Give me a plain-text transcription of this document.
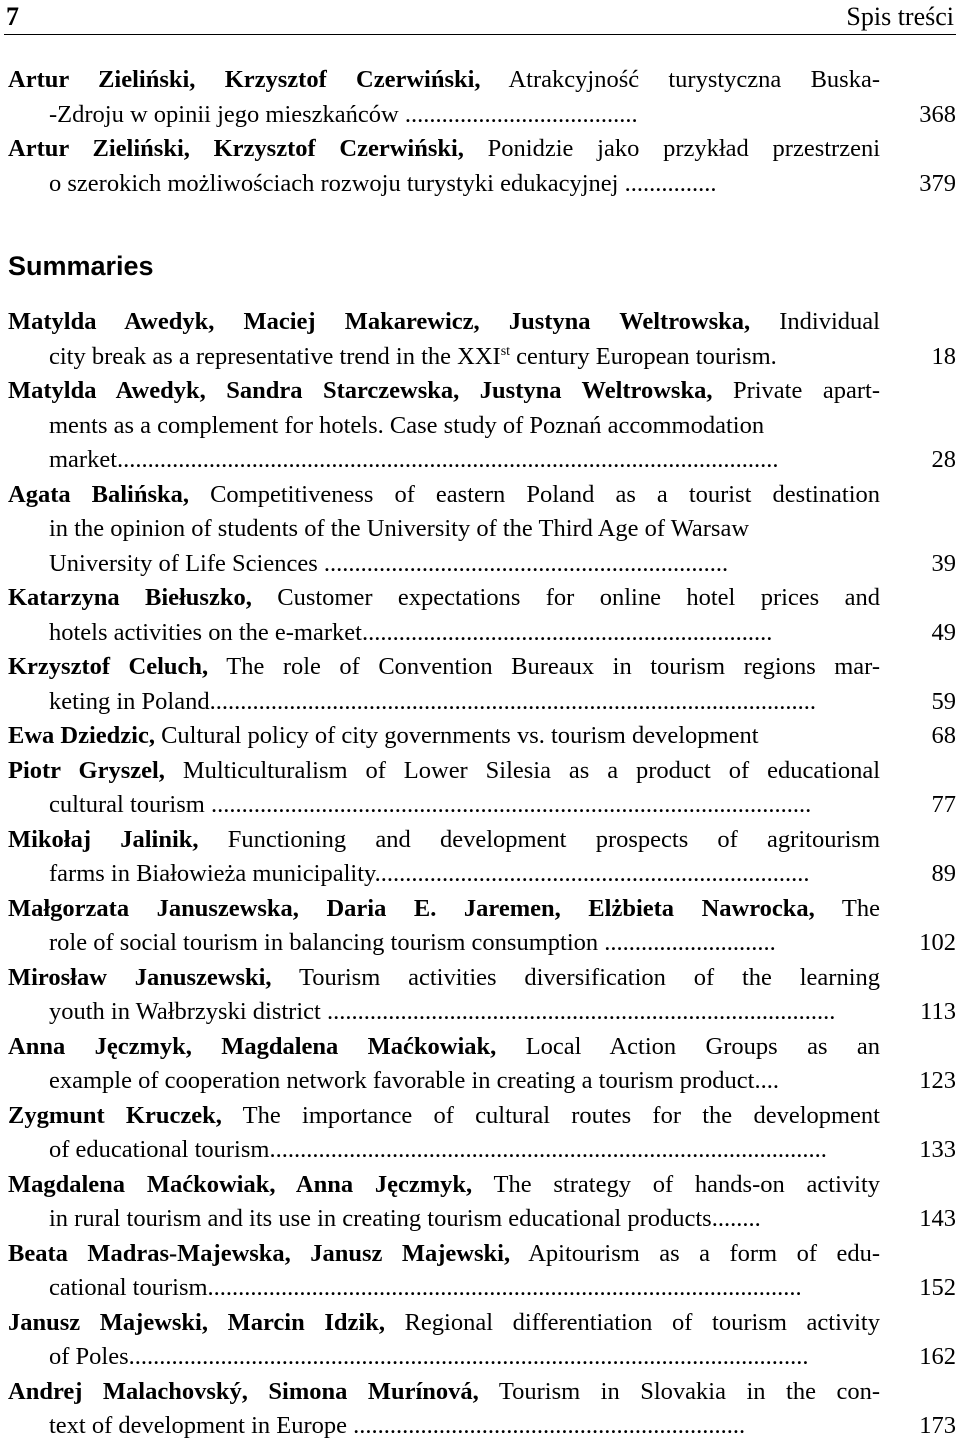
7	Spis treści
Artur Zieliński, Krzysztof Czerwiński, Atrakcyjność turystyczna Buska-
-Zdroju w opinii jego mieszkańców ......................................	368
Artur Zieliński, Krzysztof Czerwiński, Ponidzie jako przykład przestrzeni
o szerokich możliwościach rozwoju turystyki edukacyjnej ...............	379
Summaries
Matylda Awedyk, Maciej Makarewicz, Justyna Weltrowska, Individual
city break as a representative trend in the XXIst century European tourism.	18
Matylda Awedyk, Sandra Starczewska, Justyna Weltrowska, Private apart-
ments as a complement for hotels. Case study of Poznań accommodation
market............................................................................................................	28
Agata Balińska, Competitiveness of eastern Poland as a tourist destination
in the opinion of students of the University of the Third Age of Warsaw
University of Life Sciences ..................................................................	39
Katarzyna Biełuszko, Customer expectations for online hotel prices and
hotels activities on the e-market...................................................................	49
Krzysztof Celuch, The role of Convention Bureaux in tourism regions mar-
keting in Poland...................................................................................................	59
Ewa Dziedzic, Cultural policy of city governments vs. tourism development	68
Piotr Gryszel, Multiculturalism of Lower Silesia as a product of educational
cultural tourism ..................................................................................................	77
Mikołaj Jalinik, Functioning and development prospects of agritourism
farms in Białowieża municipality.......................................................................	89
Małgorzata Januszewska, Daria E. Jaremen, Elżbieta Nawrocka, The
role of social tourism in balancing tourism consumption ............................	102
Mirosław Januszewski, Tourism activities diversification of the learning
youth in Wałbrzyski district ...................................................................................	113
Anna Jęczmyk, Magdalena Maćkowiak, Local Action Groups as an
example of cooperation network favorable in creating a tourism product....	123
Zygmunt Kruczek, The importance of cultural routes for the development
of educational tourism...........................................................................................	133
Magdalena Maćkowiak, Anna Jęczmyk, The strategy of hands-on activity
in rural tourism and its use in creating tourism educational products........	143
Beata Madras-Majewska, Janusz Majewski, Apitourism as a form of edu-
cational tourism.................................................................................................	152
Janusz Majewski, Marcin Idzik, Regional differentiation of tourism activity
of Poles...............................................................................................................	162
Andrej Malachovský, Simona Murínová, Tourism in Slovakia in the con-
text of development in Europe ................................................................	173
